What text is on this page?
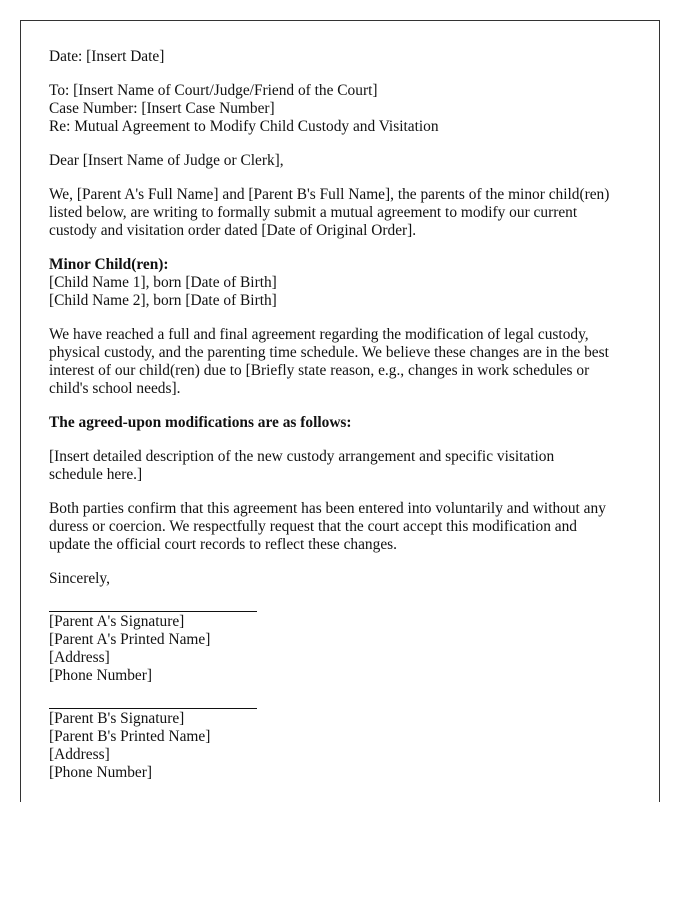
Date: [Insert Date]

To: [Insert Name of Court/Judge/Friend of the Court]
Case Number: [Insert Case Number]
Re: Mutual Agreement to Modify Child Custody and Visitation

Dear [Insert Name of Judge or Clerk],

We, [Parent A's Full Name] and [Parent B's Full Name], the parents of the minor child(ren)
listed below, are writing to formally submit a mutual agreement to modify our current
custody and visitation order dated [Date of Original Order].

Minor Child(ren):
[Child Name 1], born [Date of Birth]
[Child Name 2], born [Date of Birth]

We have reached a full and final agreement regarding the modification of legal custody,
physical custody, and the parenting time schedule. We believe these changes are in the best
interest of our child(ren) due to [Briefly state reason, e.g., changes in work schedules or
child's school needs].

The agreed-upon modifications are as follows:

[Insert detailed description of the new custody arrangement and specific visitation
schedule here.]

Both parties confirm that this agreement has been entered into voluntarily and without any
duress or coercion. We respectfully request that the court accept this modification and
update the official court records to reflect these changes.

Sincerely,

[Parent A's Signature]
[Parent A's Printed Name]
[Address]
[Phone Number]
[Parent B's Signature]
[Parent B's Printed Name]
[Address]
[Phone Number]
